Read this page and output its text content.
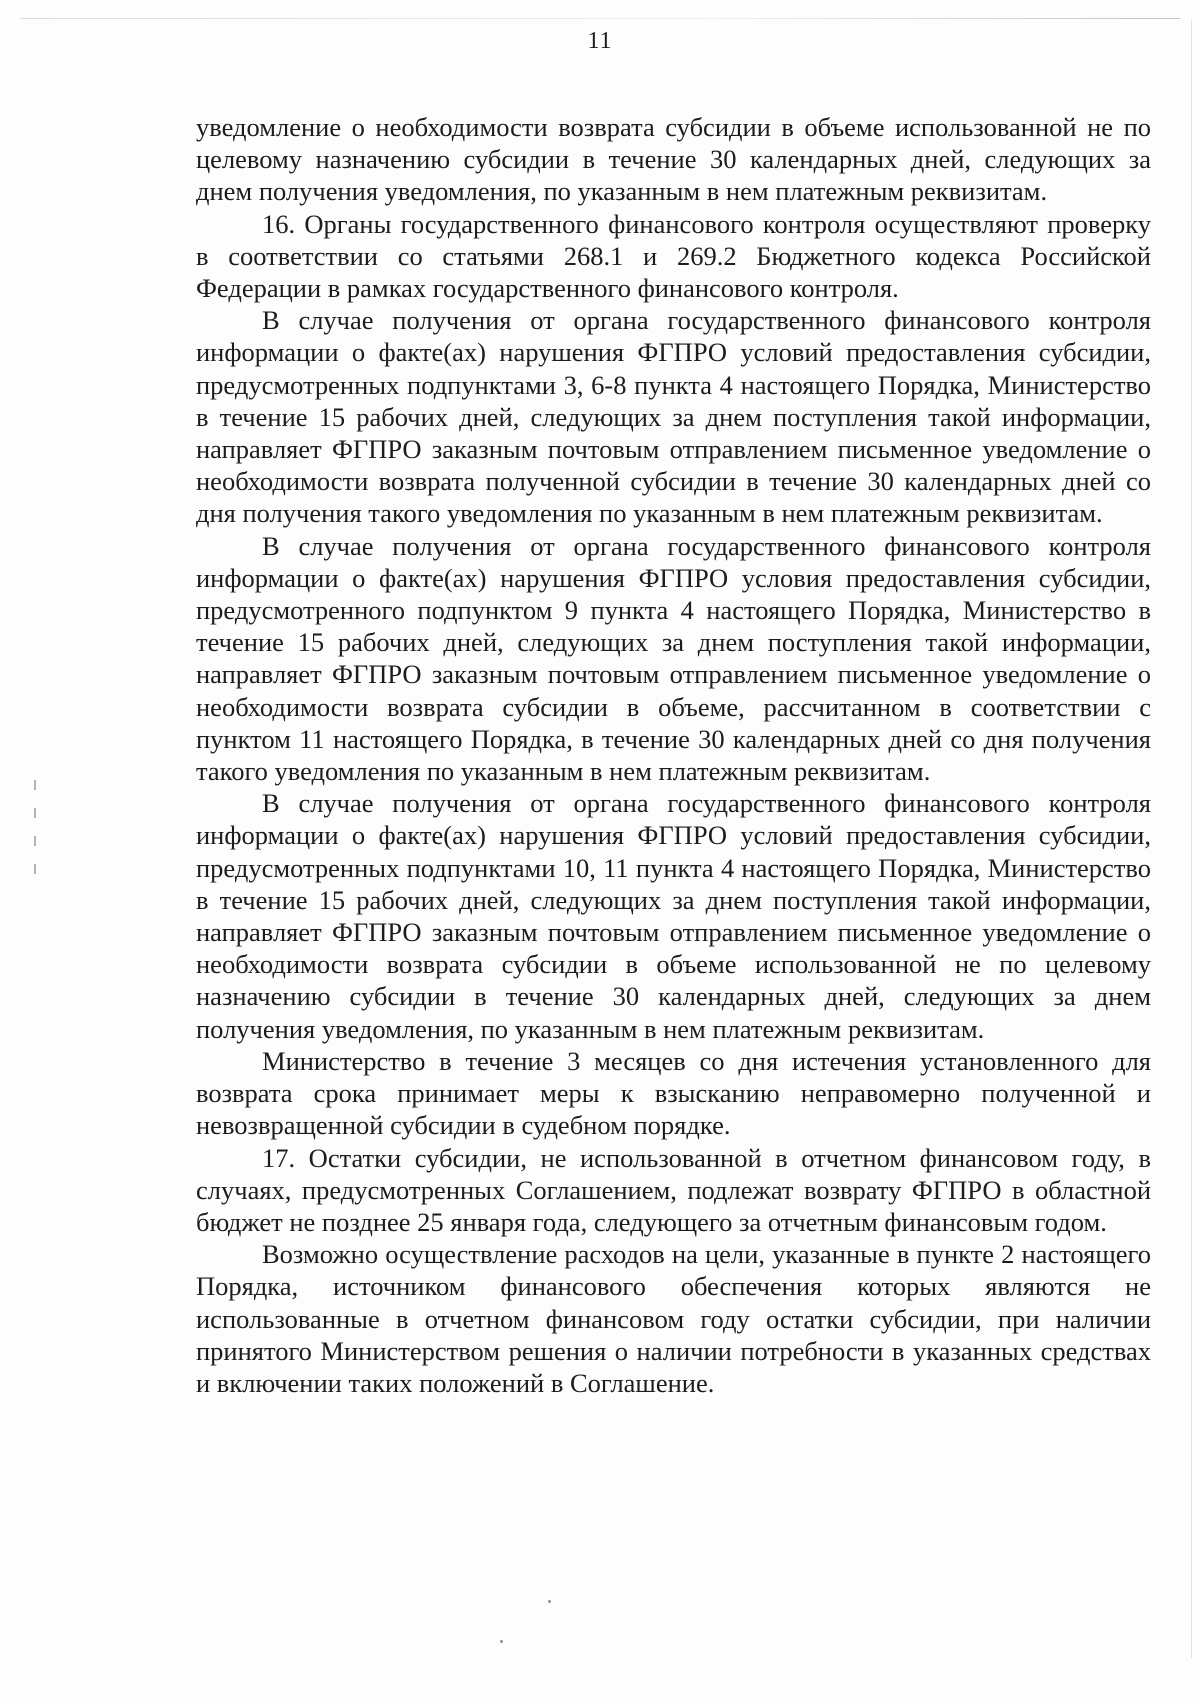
11

уведомление о необходимости возврата субсидии в объеме использованной не по целевому назначению субсидии в течение 30 календарных дней, следующих за днем получения уведомления, по указанным в нем платежным реквизитам.

16. Органы государственного финансового контроля осуществляют проверку в соответствии со статьями 268.1 и 269.2 Бюджетного кодекса Российской Федерации в рамках государственного финансового контроля.

В случае получения от органа государственного финансового контроля информации о факте(ах) нарушения ФГПРО условий предоставления субсидии, предусмотренных подпунктами 3, 6-8 пункта 4 настоящего Порядка, Министерство в течение 15 рабочих дней, следующих за днем поступления такой информации, направляет ФГПРО заказным почтовым отправлением письменное уведомление о необходимости возврата полученной субсидии в течение 30 календарных дней со дня получения такого уведомления по указанным в нем платежным реквизитам.

В случае получения от органа государственного финансового контроля информации о факте(ах) нарушения ФГПРО условия предоставления субсидии, предусмотренного подпунктом 9 пункта 4 настоящего Порядка, Министерство в течение 15 рабочих дней, следующих за днем поступления такой информации, направляет ФГПРО заказным почтовым отправлением письменное уведомление о необходимости возврата субсидии в объеме, рассчитанном в соответствии с пунктом 11 настоящего Порядка, в течение 30 календарных дней со дня получения такого уведомления по указанным в нем платежным реквизитам.

В случае получения от органа государственного финансового контроля информации о факте(ах) нарушения ФГПРО условий предоставления субсидии, предусмотренных подпунктами 10, 11 пункта 4 настоящего Порядка, Министерство в течение 15 рабочих дней, следующих за днем поступления такой информации, направляет ФГПРО заказным почтовым отправлением письменное уведомление о необходимости возврата субсидии в объеме использованной не по целевому назначению субсидии в течение 30 календарных дней, следующих за днем получения уведомления, по указанным в нем платежным реквизитам.

Министерство в течение 3 месяцев со дня истечения установленного для возврата срока принимает меры к взысканию неправомерно полученной и невозвращенной субсидии в судебном порядке.

17. Остатки субсидии, не использованной в отчетном финансовом году, в случаях, предусмотренных Соглашением, подлежат возврату ФГПРО в областной бюджет не позднее 25 января года, следующего за отчетным финансовым годом.

Возможно осуществление расходов на цели, указанные в пункте 2 настоящего Порядка, источником финансового обеспечения которых являются не использованные в отчетном финансовом году остатки субсидии, при наличии принятого Министерством решения о наличии потребности в указанных средствах и включении таких положений в Соглашение.
